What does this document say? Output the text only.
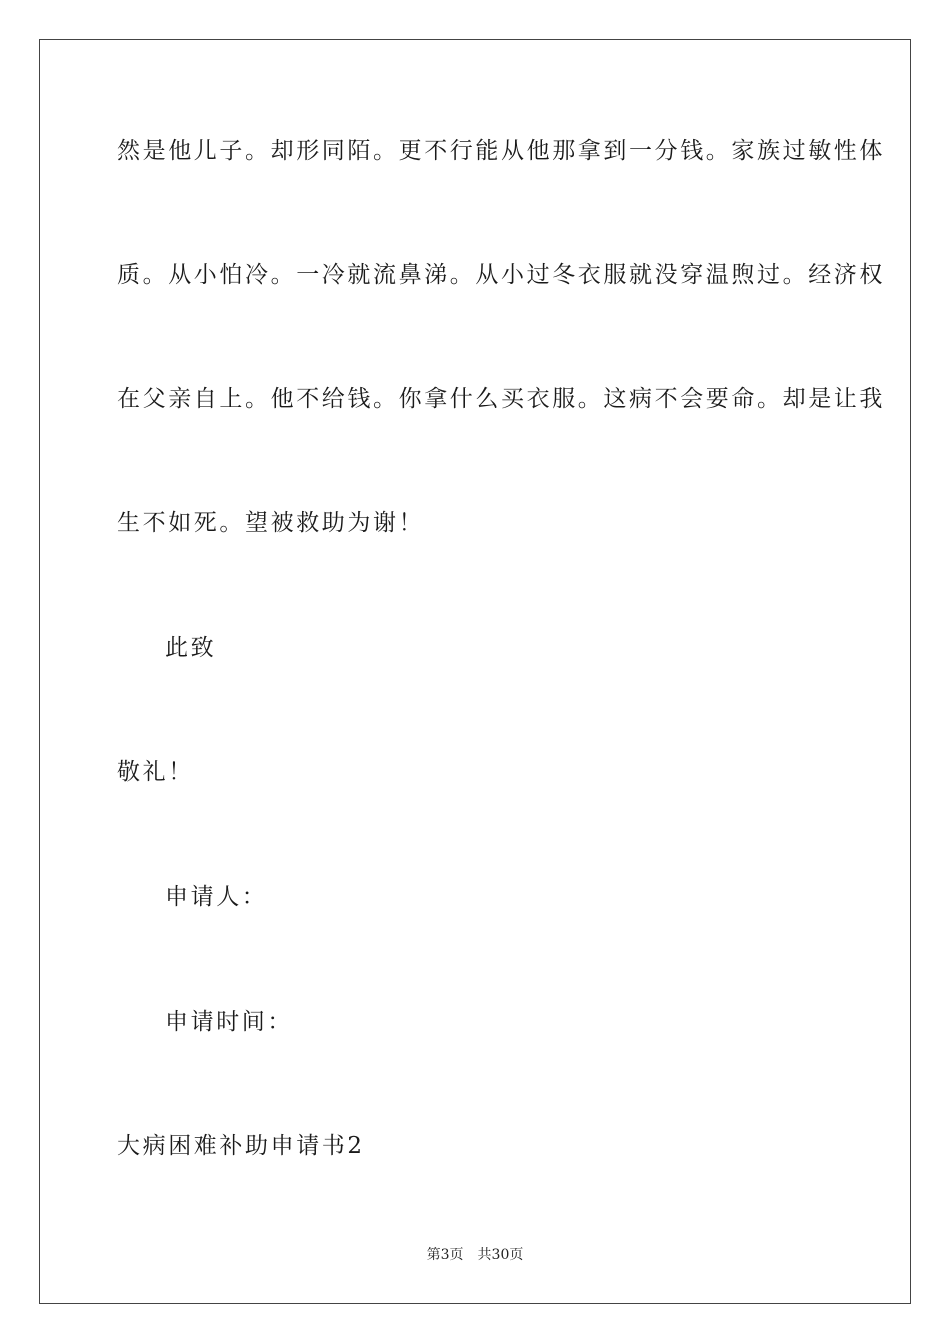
然是他儿子。却形同陌。更不行能从他那拿到一分钱。家族过敏性体
质。从小怕冷。一冷就流鼻涕。从小过冬衣服就没穿温煦过。经济权
在父亲自上。他不给钱。你拿什么买衣服。这病不会要命。却是让我
生不如死。望被救助为谢！
此致
敬礼！
申请人：
申请时间：
大病困难补助申请书2
第3页 共30页
